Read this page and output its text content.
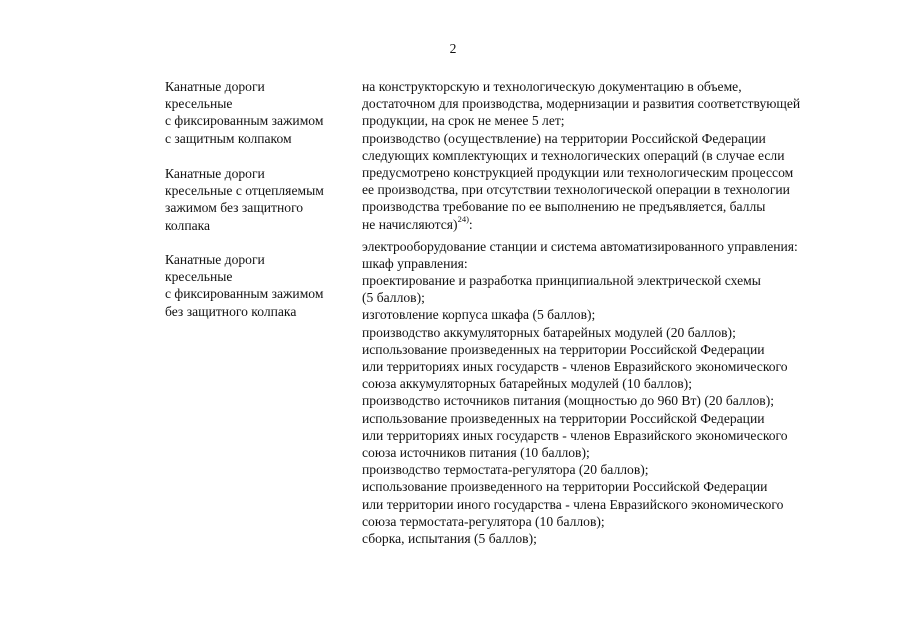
2
Канатные дороги
кресельные
с фиксированным зажимом
с защитным колпаком
Канатные дороги
кресельные с отцепляемым
зажимом без защитного
колпака
Канатные дороги
кресельные
с фиксированным зажимом
без защитного колпака
на конструкторскую и технологическую документацию в объеме,
достаточном для производства, модернизации и развития соответствующей
продукции, на срок не менее 5 лет;
производство (осуществление) на территории Российской Федерации
следующих комплектующих и технологических операций (в случае если
предусмотрено конструкцией продукции или технологическим процессом
ее производства, при отсутствии технологической операции в технологии
производства требование по ее выполнению не предъявляется, баллы
не начисляются)$^{24)}$:
электрооборудование станции и система автоматизированного управления:
шкаф управления:
проектирование и разработка принципиальной электрической схемы
(5 баллов);
изготовление корпуса шкафа (5 баллов);
производство аккумуляторных батарейных модулей (20 баллов);
использование произведенных на территории Российской Федерации
или территориях иных государств - членов Евразийского экономического
союза аккумуляторных батарейных модулей (10 баллов);
производство источников питания (мощностью до 960 Вт) (20 баллов);
использование произведенных на территории Российской Федерации
или территориях иных государств - членов Евразийского экономического
союза источников питания (10 баллов);
производство термостата-регулятора (20 баллов);
использование произведенного на территории Российской Федерации
или территории иного государства - члена Евразийского экономического
союза термостата-регулятора (10 баллов);
сборка, испытания (5 баллов);
